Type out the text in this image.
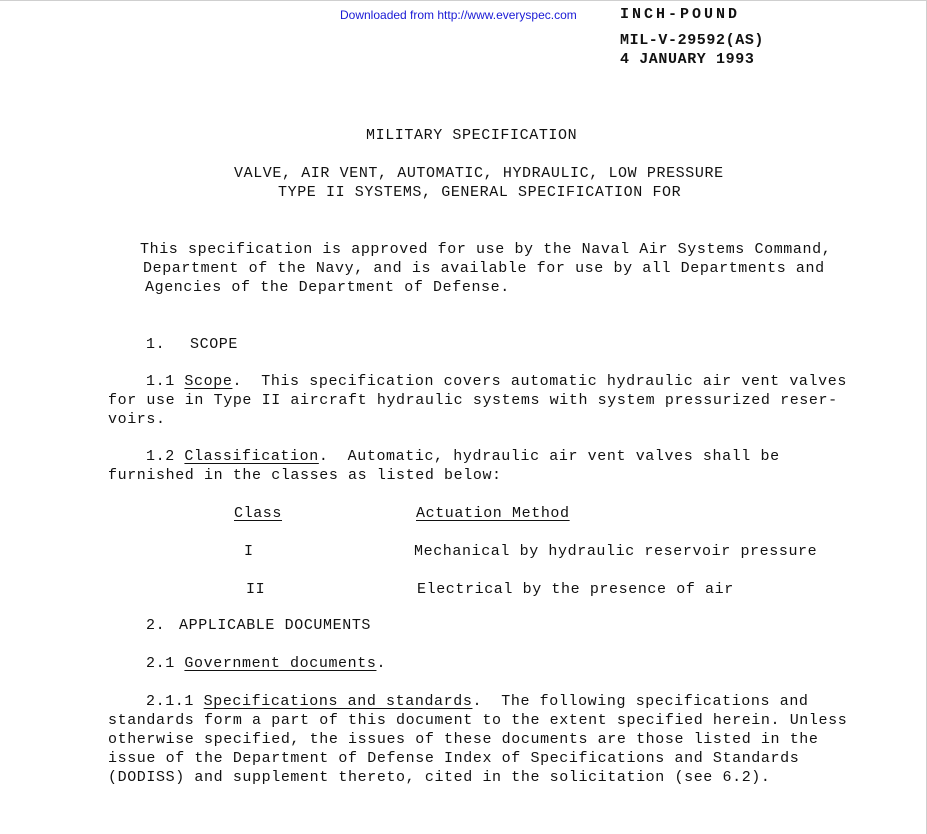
Downloaded from http://www.everyspec.com	INCH-POUND
MIL-V-29592(AS)
4 JANUARY 1993
MILITARY SPECIFICATION
VALVE, AIR VENT, AUTOMATIC, HYDRAULIC, LOW PRESSURE
TYPE II SYSTEMS, GENERAL SPECIFICATION FOR
This specification is approved for use by the Naval Air Systems Command,
Department of the Navy, and is available for use by all Departments and
Agencies of the Department of Defense.
1. SCOPE
1.1 Scope.  This specification covers automatic hydraulic air vent valves
for use in Type II aircraft hydraulic systems with system pressurized reser-
voirs.
1.2 Classification.  Automatic, hydraulic air vent valves shall be
furnished in the classes as listed below:
Class	Actuation Method
I	Mechanical by hydraulic reservoir pressure
II	Electrical by the presence of air
2. APPLICABLE DOCUMENTS
2.1 Government documents.
2.1.1 Specifications and standards.  The following specifications and
standards form a part of this document to the extent specified herein. Unless
otherwise specified, the issues of these documents are those listed in the
issue of the Department of Defense Index of Specifications and Standards
(DODISS) and supplement thereto, cited in the solicitation (see 6.2).
